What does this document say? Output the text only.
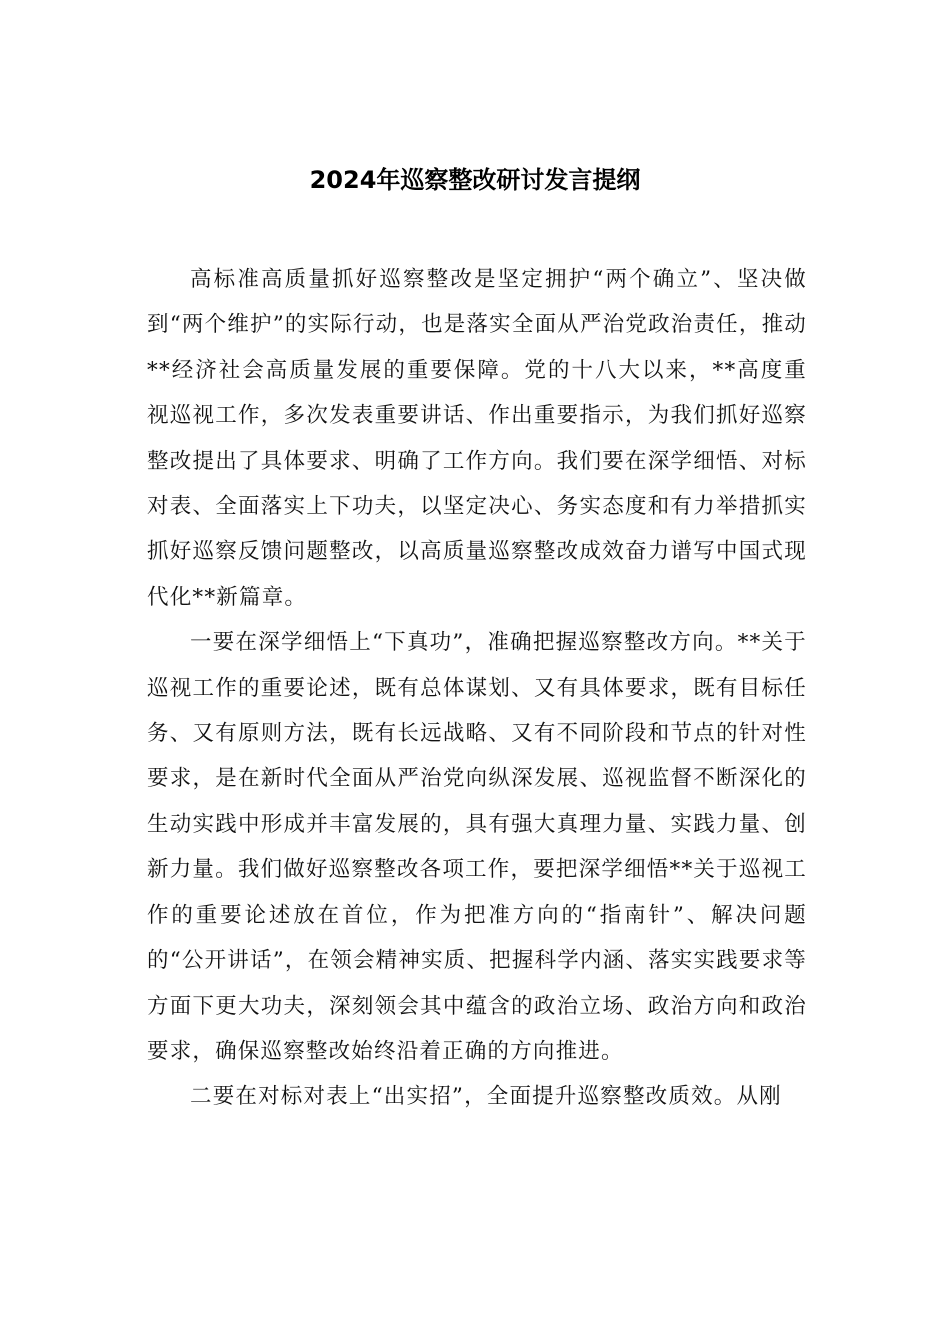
2024年巡察整改研讨发言提纲

高标准高质量抓好巡察整改是坚定拥护“两个确立”、坚决做到“两个维护”的实际行动，也是落实全面从严治党政治责任，推动**经济社会高质量发展的重要保障。党的十八大以来，**高度重视巡视工作，多次发表重要讲话、作出重要指示，为我们抓好巡察整改提出了具体要求、明确了工作方向。我们要在深学细悟、对标对表、全面落实上下功夫，以坚定决心、务实态度和有力举措抓实抓好巡察反馈问题整改，以高质量巡察整改成效奋力谱写中国式现代化**新篇章。

一要在深学细悟上“下真功”，准确把握巡察整改方向。**关于巡视工作的重要论述，既有总体谋划、又有具体要求，既有目标任务、又有原则方法，既有长远战略、又有不同阶段和节点的针对性要求，是在新时代全面从严治党向纵深发展、巡视监督不断深化的生动实践中形成并丰富发展的，具有强大真理力量、实践力量、创新力量。我们做好巡察整改各项工作，要把深学细悟**关于巡视工作的重要论述放在首位，作为把准方向的“指南针”、解决问题的“公开讲话”，在领会精神实质、把握科学内涵、落实实践要求等方面下更大功夫，深刻领会其中蕴含的政治立场、政治方向和政治要求，确保巡察整改始终沿着正确的方向推进。

二要在对标对表上“出实招”，全面提升巡察整改质效。从刚
